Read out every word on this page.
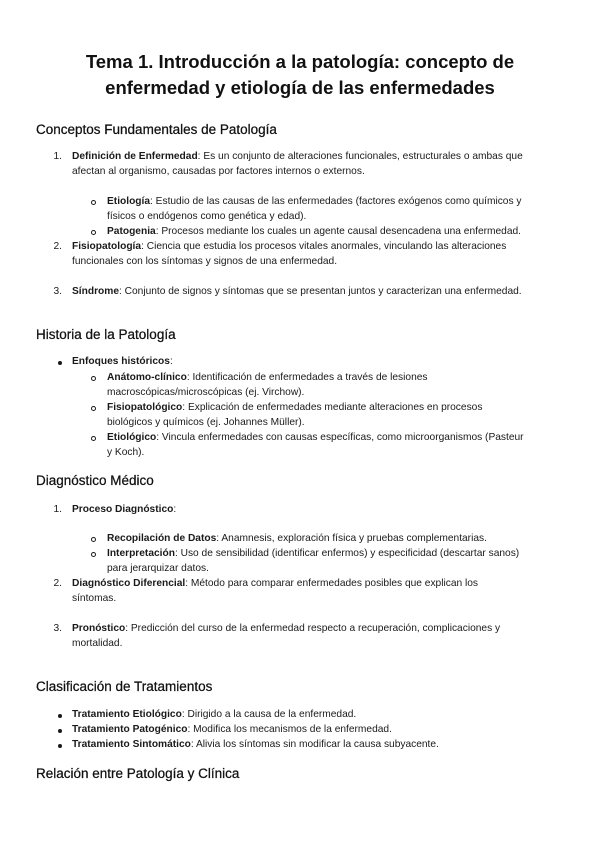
Tema 1. Introducción a la patología: concepto de
enfermedad y etiología de las enfermedades
Conceptos Fundamentales de Patología
1. Definición de Enfermedad: Es un conjunto de alteraciones funcionales, estructurales o ambas que
afectan al organismo, causadas por factores internos o externos.
Etiología: Estudio de las causas de las enfermedades (factores exógenos como químicos y
físicos o endógenos como genética y edad).
Patogenia: Procesos mediante los cuales un agente causal desencadena una enfermedad.
2. Fisiopatología: Ciencia que estudia los procesos vitales anormales, vinculando las alteraciones
funcionales con los síntomas y signos de una enfermedad.
3. Síndrome: Conjunto de signos y síntomas que se presentan juntos y caracterizan una enfermedad.
Historia de la Patología
Enfoques históricos:
Anátomo-clínico: Identificación de enfermedades a través de lesiones
macroscópicas/microscópicas (ej. Virchow).
Fisiopatológico: Explicación de enfermedades mediante alteraciones en procesos
biológicos y químicos (ej. Johannes Müller).
Etiológico: Vincula enfermedades con causas específicas, como microorganismos (Pasteur
y Koch).
Diagnóstico Médico
1. Proceso Diagnóstico:
Recopilación de Datos: Anamnesis, exploración física y pruebas complementarias.
Interpretación: Uso de sensibilidad (identificar enfermos) y especificidad (descartar sanos)
para jerarquizar datos.
2. Diagnóstico Diferencial: Método para comparar enfermedades posibles que explican los
síntomas.
3. Pronóstico: Predicción del curso de la enfermedad respecto a recuperación, complicaciones y
mortalidad.
Clasificación de Tratamientos
Tratamiento Etiológico: Dirigido a la causa de la enfermedad.
Tratamiento Patogénico: Modifica los mecanismos de la enfermedad.
Tratamiento Sintomático: Alivia los síntomas sin modificar la causa subyacente.
Relación entre Patología y Clínica
